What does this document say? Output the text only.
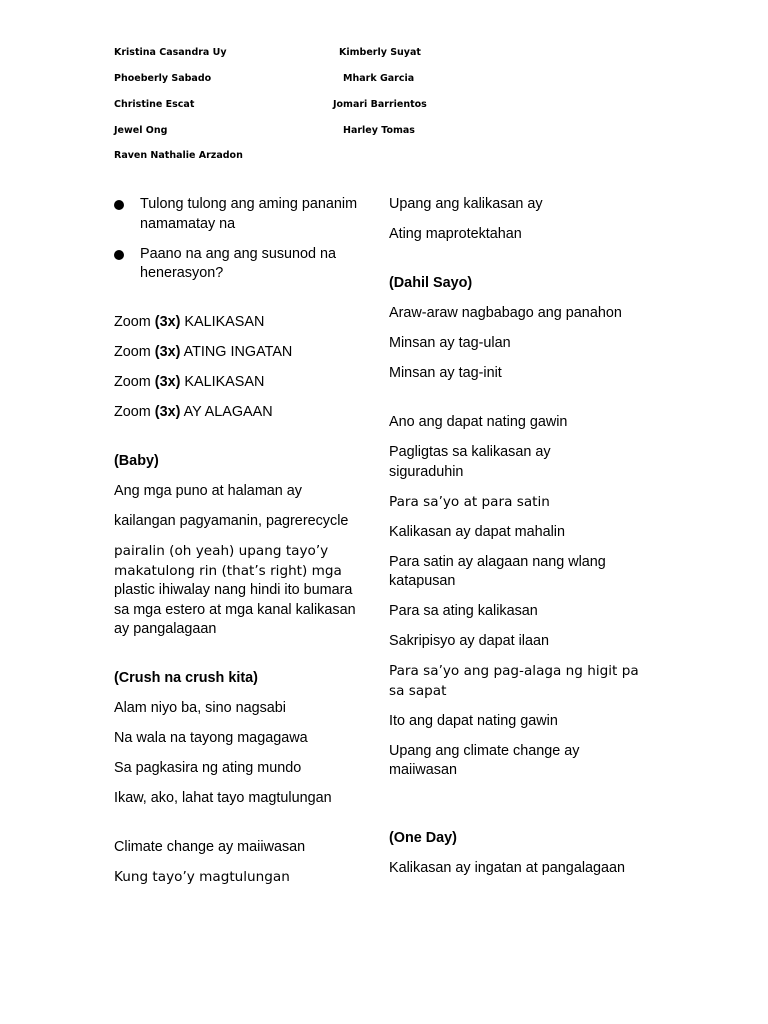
Kristina Casandra Uy
Phoeberly Sabado
Christine Escat
Jewel Ong
Raven Nathalie Arzadon
Kimberly Suyat
Mhark Garcia
Jomari Barrientos
Harley Tomas
Tulong tulong ang aming pananim namamatay na
Paano na ang ang susunod na henerasyon?
Zoom (3x) KALIKASAN
Zoom (3x) ATING INGATAN
Zoom (3x) KALIKASAN
Zoom (3x) AY ALAGAAN
(Baby)
Ang mga puno at halaman ay
kailangan pagyamanin, pagrerecycle
pairalin (oh yeah) upang tayo’y makatulong rin (that’s right) mga
plastic ihiwalay nang hindi ito bumara sa mga estero at mga kanal kalikasan ay pangalagaan
(Crush na crush kita)
Alam niyo ba, sino nagsabi
Na wala na tayong magagawa
Sa pagkasira ng ating mundo
Ikaw, ako, lahat tayo magtulungan
Climate change ay maiiwasan
Kung tayo’y magtulungan
Upang ang kalikasan ay
Ating maprotektahan
(Dahil Sayo)
Araw-araw nagbabago ang panahon
Minsan ay tag-ulan
Minsan ay tag-init
Ano ang dapat nating gawin
Pagligtas sa kalikasan ay siguraduhin
Para sa’yo at para satin
Kalikasan ay dapat mahalin
Para satin ay alagaan nang wlang katapusan
Para sa ating kalikasan
Sakripisyo ay dapat ilaan
Para sa’yo ang pag-alaga ng higit pa sa sapat
Ito ang dapat nating gawin
Upang ang climate change ay maiiwasan
(One Day)
Kalikasan ay ingatan at pangalagaan
